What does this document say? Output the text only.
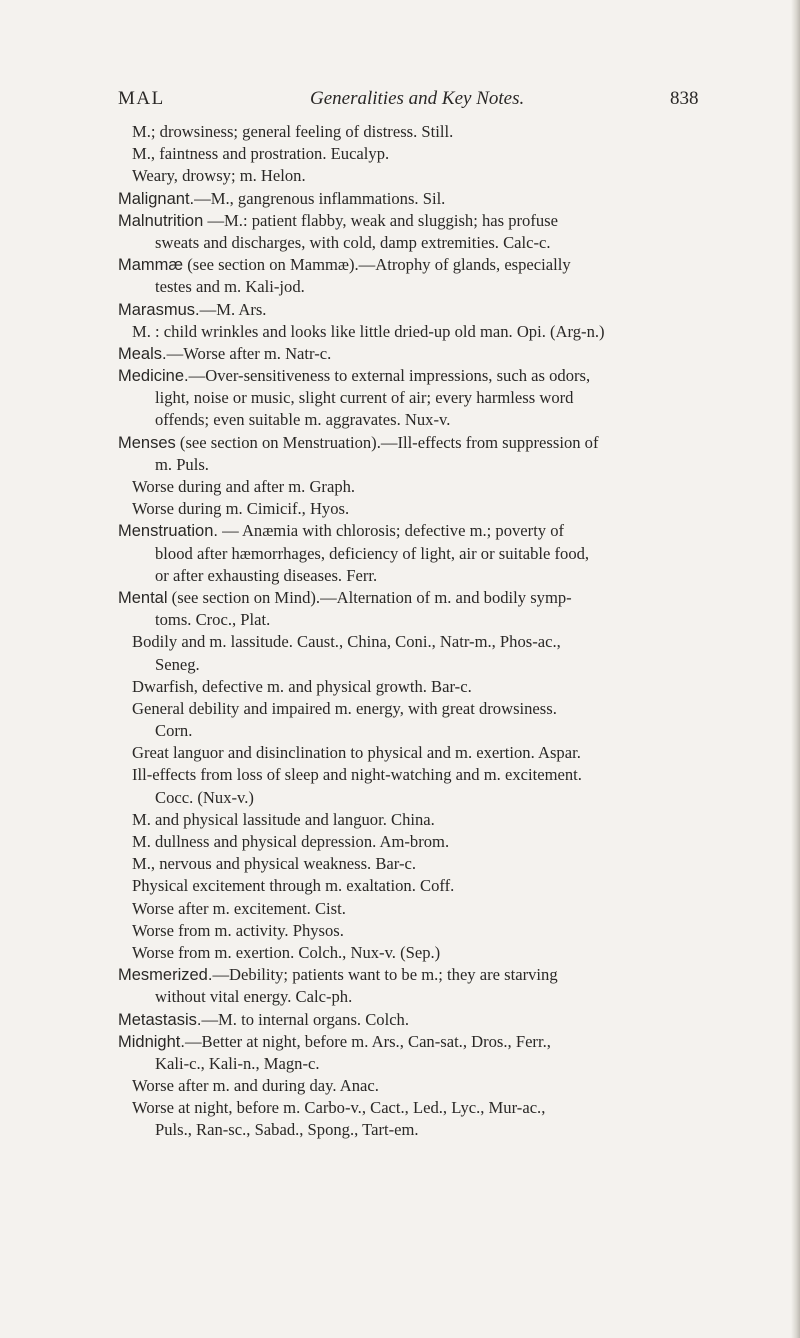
MAL	Generalities and Key Notes.	838
M.; drowsiness; general feeling of distress. Still.
M., faintness and prostration. Eucalyp.
Weary, drowsy; m. Helon.
Malignant.—M., gangrenous inflammations. Sil.
Malnutrition —M.: patient flabby, weak and sluggish; has profuse
sweats and discharges, with cold, damp extremities. Calc-c.
Mammæ (see section on Mammæ).—Atrophy of glands, especially
testes and m. Kali-jod.
Marasmus.—M. Ars.
M. : child wrinkles and looks like little dried-up old man. Opi. (Arg-n.)
Meals.—Worse after m. Natr-c.
Medicine.—Over-sensitiveness to external impressions, such as odors,
light, noise or music, slight current of air; every harmless word
offends; even suitable m. aggravates. Nux-v.
Menses (see section on Menstruation).—Ill-effects from suppression of
m. Puls.
Worse during and after m. Graph.
Worse during m. Cimicif., Hyos.
Menstruation. — Anæmia with chlorosis; defective m.; poverty of
blood after hæmorrhages, deficiency of light, air or suitable food,
or after exhausting diseases. Ferr.
Mental (see section on Mind).—Alternation of m. and bodily symp-
toms. Croc., Plat.
Bodily and m. lassitude. Caust., China, Coni., Natr-m., Phos-ac.,
Seneg.
Dwarfish, defective m. and physical growth. Bar-c.
General debility and impaired m. energy, with great drowsiness.
Corn.
Great languor and disinclination to physical and m. exertion. Aspar.
Ill-effects from loss of sleep and night-watching and m. excitement.
Cocc. (Nux-v.)
M. and physical lassitude and languor. China.
M. dullness and physical depression. Am-brom.
M., nervous and physical weakness. Bar-c.
Physical excitement through m. exaltation. Coff.
Worse after m. excitement. Cist.
Worse from m. activity. Physos.
Worse from m. exertion. Colch., Nux-v. (Sep.)
Mesmerized.—Debility; patients want to be m.; they are starving
without vital energy. Calc-ph.
Metastasis.—M. to internal organs. Colch.
Midnight.—Better at night, before m. Ars., Can-sat., Dros., Ferr.,
Kali-c., Kali-n., Magn-c.
Worse after m. and during day. Anac.
Worse at night, before m. Carbo-v., Cact., Led., Lyc., Mur-ac.,
Puls., Ran-sc., Sabad., Spong., Tart-em.
